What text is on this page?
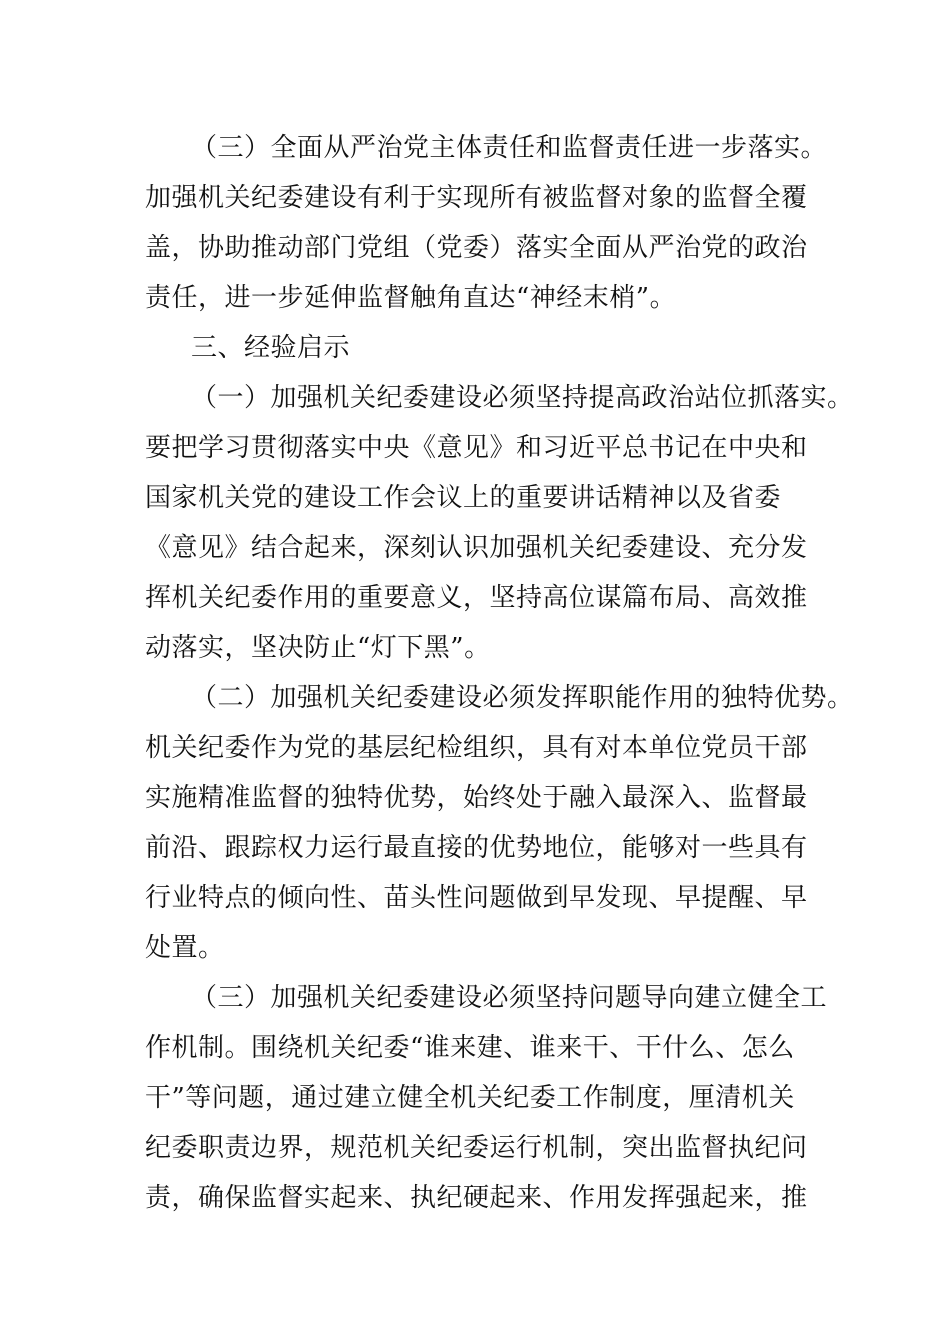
（三）全面从严治党主体责任和监督责任进一步落实。
加强机关纪委建设有利于实现所有被监督对象的监督全覆
盖，协助推动部门党组（党委）落实全面从严治党的政治
责任，进一步延伸监督触角直达“神经末梢”。
三、经验启示
（一）加强机关纪委建设必须坚持提高政治站位抓落实。
要把学习贯彻落实中央《意见》和习近平总书记在中央和
国家机关党的建设工作会议上的重要讲话精神以及省委
《意见》结合起来，深刻认识加强机关纪委建设、充分发
挥机关纪委作用的重要意义，坚持高位谋篇布局、高效推
动落实，坚决防止“灯下黑”。
（二）加强机关纪委建设必须发挥职能作用的独特优势。
机关纪委作为党的基层纪检组织，具有对本单位党员干部
实施精准监督的独特优势，始终处于融入最深入、监督最
前沿、跟踪权力运行最直接的优势地位，能够对一些具有
行业特点的倾向性、苗头性问题做到早发现、早提醒、早
处置。
（三）加强机关纪委建设必须坚持问题导向建立健全工
作机制。围绕机关纪委“谁来建、谁来干、干什么、怎么
干”等问题，通过建立健全机关纪委工作制度，厘清机关
纪委职责边界，规范机关纪委运行机制，突出监督执纪问
责，确保监督实起来、执纪硬起来、作用发挥强起来，推
